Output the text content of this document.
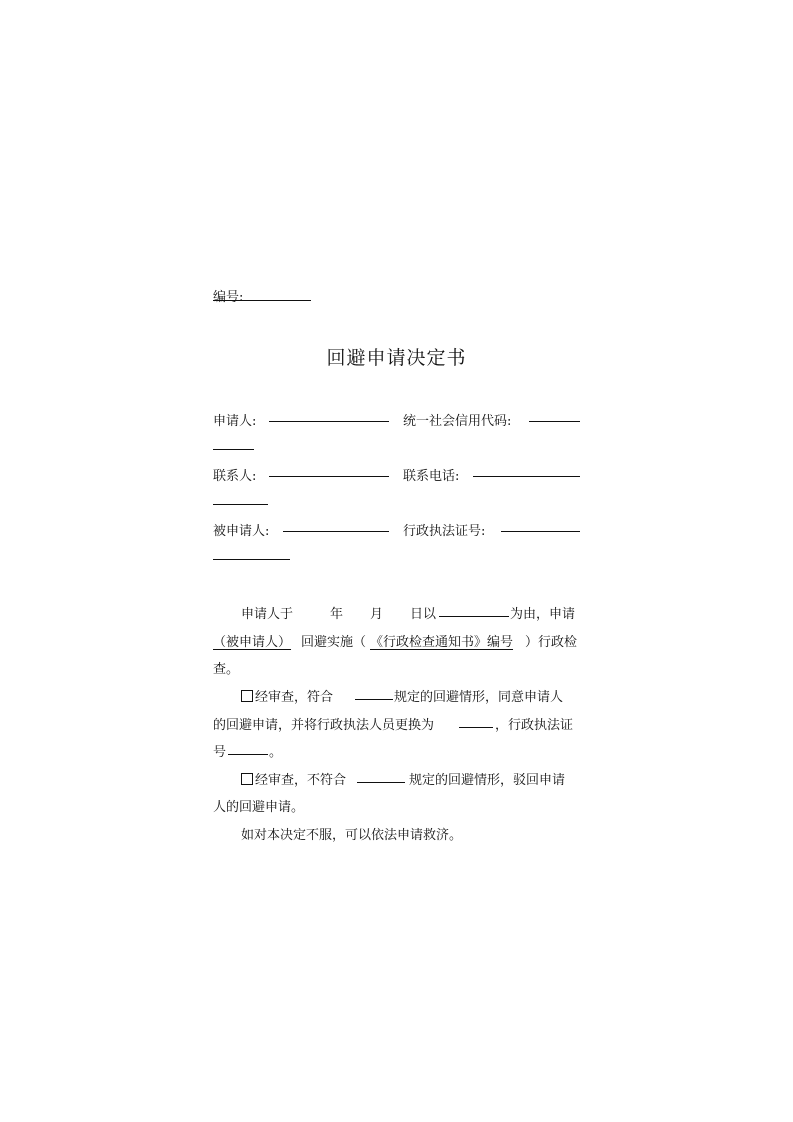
编号:
回避申请决定书
申请人:	统一社会信用代码:
联系人:	联系电话:
被申请人:	行政执法证号:
申请人于	年 月 日以	为由，申请
（被申请人） 回避实施（ 《行政检查通知书》编号 ）行政检
查。
经审查，符合	规定的回避情形，同意申请人
的回避申请，并将行政执法人员更换为	，行政执法证
号	。
经审查，不符合	规定的回避情形，驳回申请
人的回避申请。
如对本决定不服，可以依法申请救济。
